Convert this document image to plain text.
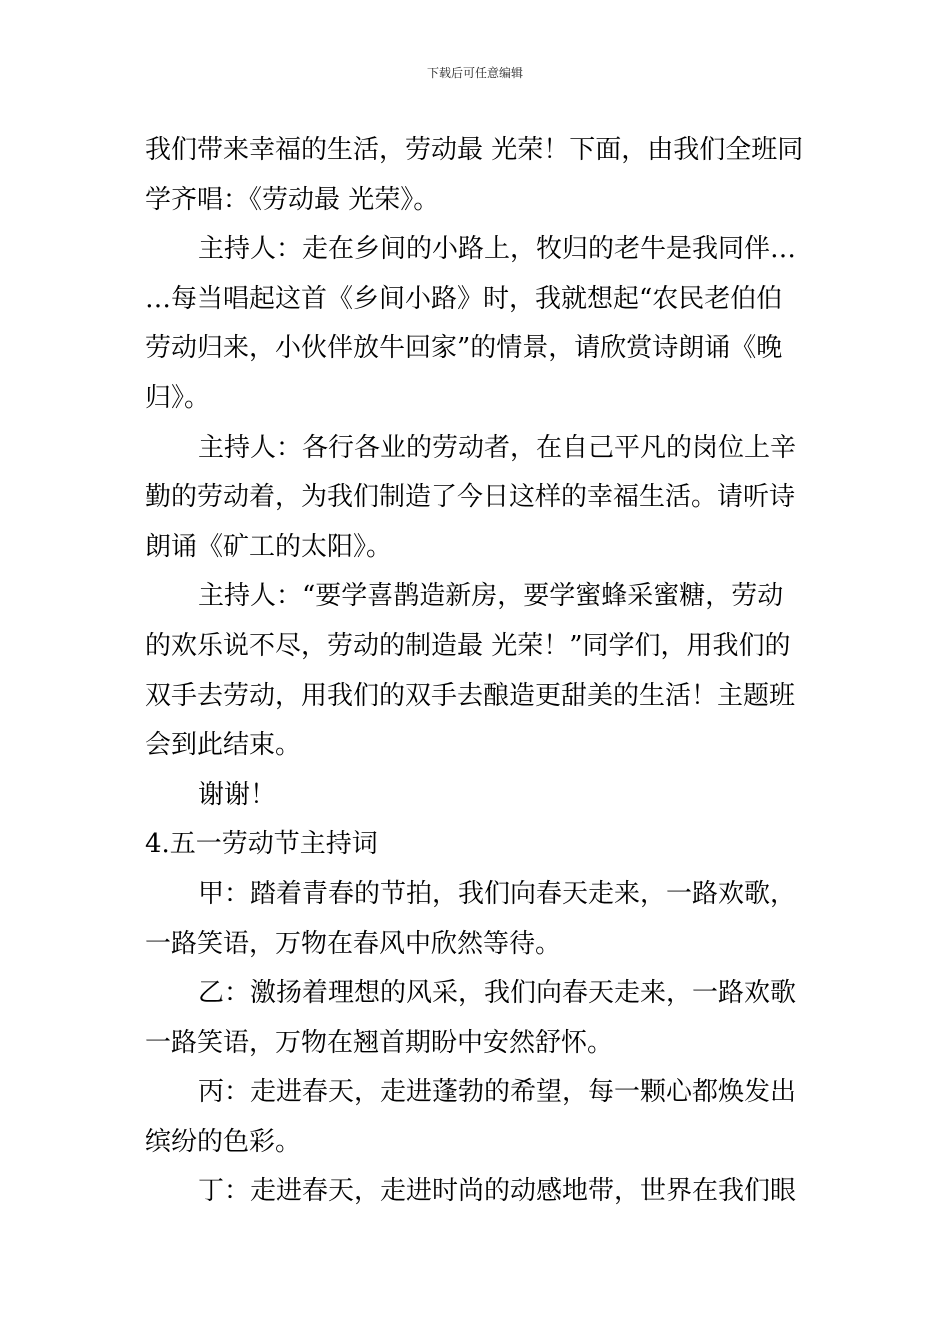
下载后可任意编辑
我们带来幸福的生活，劳动最 光荣！下面，由我们全班同
学齐唱：《劳动最 光荣》。
主持人：走在乡间的小路上，牧归的老牛是我同伴…
…每当唱起这首《乡间小路》时，我就想起“农民老伯伯
劳动归来，小伙伴放牛回家”的情景，请欣赏诗朗诵《晚
归》。
主持人：各行各业的劳动者，在自己平凡的岗位上辛
勤的劳动着，为我们制造了今日这样的幸福生活。请听诗
朗诵《矿工的太阳》。
主持人：“要学喜鹊造新房，要学蜜蜂采蜜糖，劳动
的欢乐说不尽，劳动的制造最 光荣！”同学们，用我们的
双手去劳动，用我们的双手去酿造更甜美的生活！主题班
会到此结束。
谢谢！
4.五一劳动节主持词
甲：踏着青春的节拍，我们向春天走来，一路欢歌，
一路笑语，万物在春风中欣然等待。
乙：激扬着理想的风采，我们向春天走来，一路欢歌
一路笑语，万物在翘首期盼中安然舒怀。
丙：走进春天，走进蓬勃的希望，每一颗心都焕发出
缤纷的色彩。
丁：走进春天，走进时尚的动感地带，世界在我们眼
